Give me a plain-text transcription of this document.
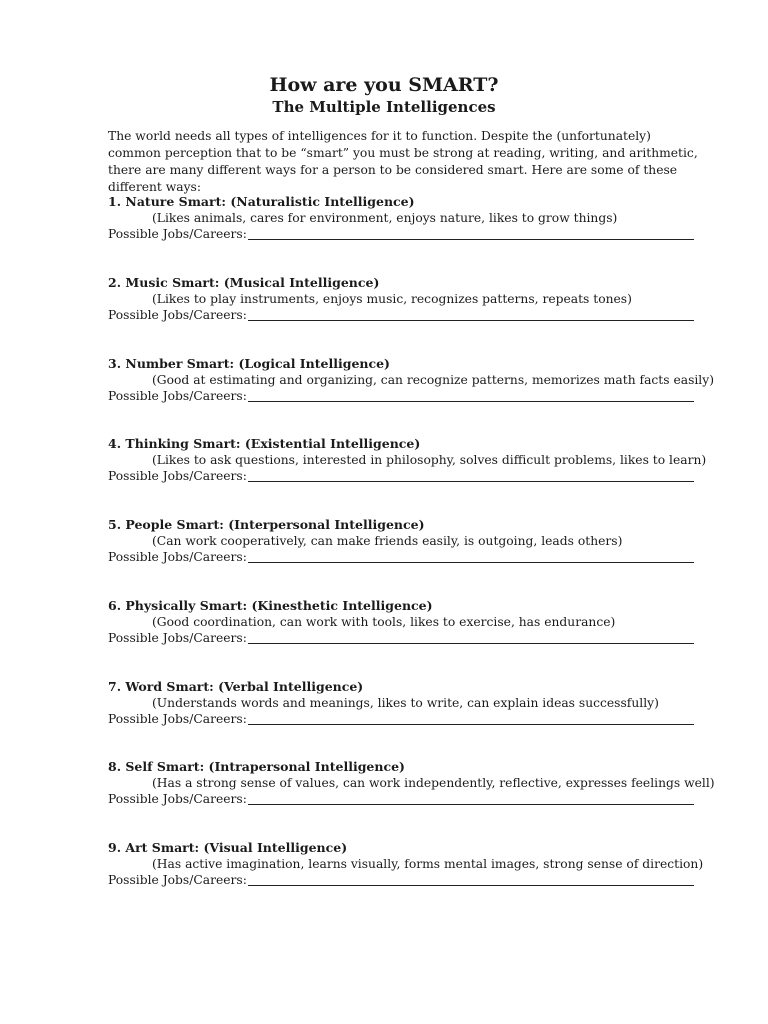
How are you SMART?
The Multiple Intelligences

The world needs all types of intelligences for it to function. Despite the (unfortunately) common perception that to be “smart” you must be strong at reading, writing, and arithmetic, there are many different ways for a person to be considered smart. Here are some of these different ways:

1. Nature Smart: (Naturalistic Intelligence)
(Likes animals, cares for environment, enjoys nature, likes to grow things)
Possible Jobs/Careers:
2. Music Smart: (Musical Intelligence)
(Likes to play instruments, enjoys music, recognizes patterns, repeats tones)
Possible Jobs/Careers:
3. Number Smart: (Logical Intelligence)
(Good at estimating and organizing, can recognize patterns, memorizes math facts easily)
Possible Jobs/Careers:
4. Thinking Smart: (Existential Intelligence)
(Likes to ask questions, interested in philosophy, solves difficult problems, likes to learn)
Possible Jobs/Careers:
5. People Smart: (Interpersonal Intelligence)
(Can work cooperatively, can make friends easily, is outgoing, leads others)
Possible Jobs/Careers:
6. Physically Smart: (Kinesthetic Intelligence)
(Good coordination, can work with tools, likes to exercise, has endurance)
Possible Jobs/Careers:
7. Word Smart: (Verbal Intelligence)
(Understands words and meanings, likes to write, can explain ideas successfully)
Possible Jobs/Careers:
8. Self Smart: (Intrapersonal Intelligence)
(Has a strong sense of values, can work independently, reflective, expresses feelings well)
Possible Jobs/Careers:
9. Art Smart: (Visual Intelligence)
(Has active imagination, learns visually, forms mental images, strong sense of direction)
Possible Jobs/Careers:
